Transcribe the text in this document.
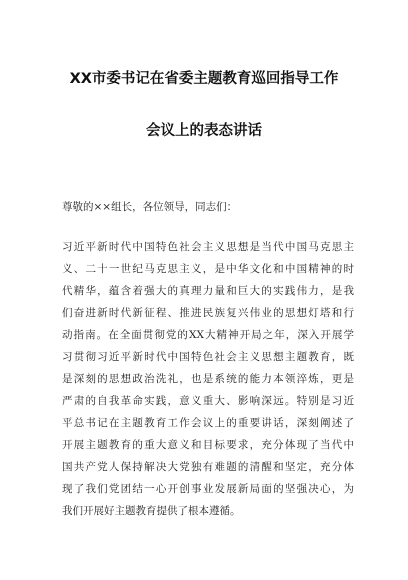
XX市委书记在省委主题教育巡回指导工作
会议上的表态讲话
尊敬的××组长，各位领导，同志们：
习近平新时代中国特色社会主义思想是当代中国马克思主
义、二十一世纪马克思主义，是中华文化和中国精神的时
代精华，蕴含着强大的真理力量和巨大的实践伟力，是我
们奋进新时代新征程、推进民族复兴伟业的思想灯塔和行
动指南。在全面贯彻党的XX大精神开局之年，深入开展学
习贯彻习近平新时代中国特色社会主义思想主题教育，既
是深刻的思想政治洗礼，也是系统的能力本领淬炼，更是
严肃的自我革命实践，意义重大、影响深远。特别是习近
平总书记在主题教育工作会议上的重要讲话，深刻阐述了
开展主题教育的重大意义和目标要求，充分体现了当代中
国共产党人保持解决大党独有难题的清醒和坚定，充分体
现了我们党团结一心开创事业发展新局面的坚强决心，为
我们开展好主题教育提供了根本遵循。
